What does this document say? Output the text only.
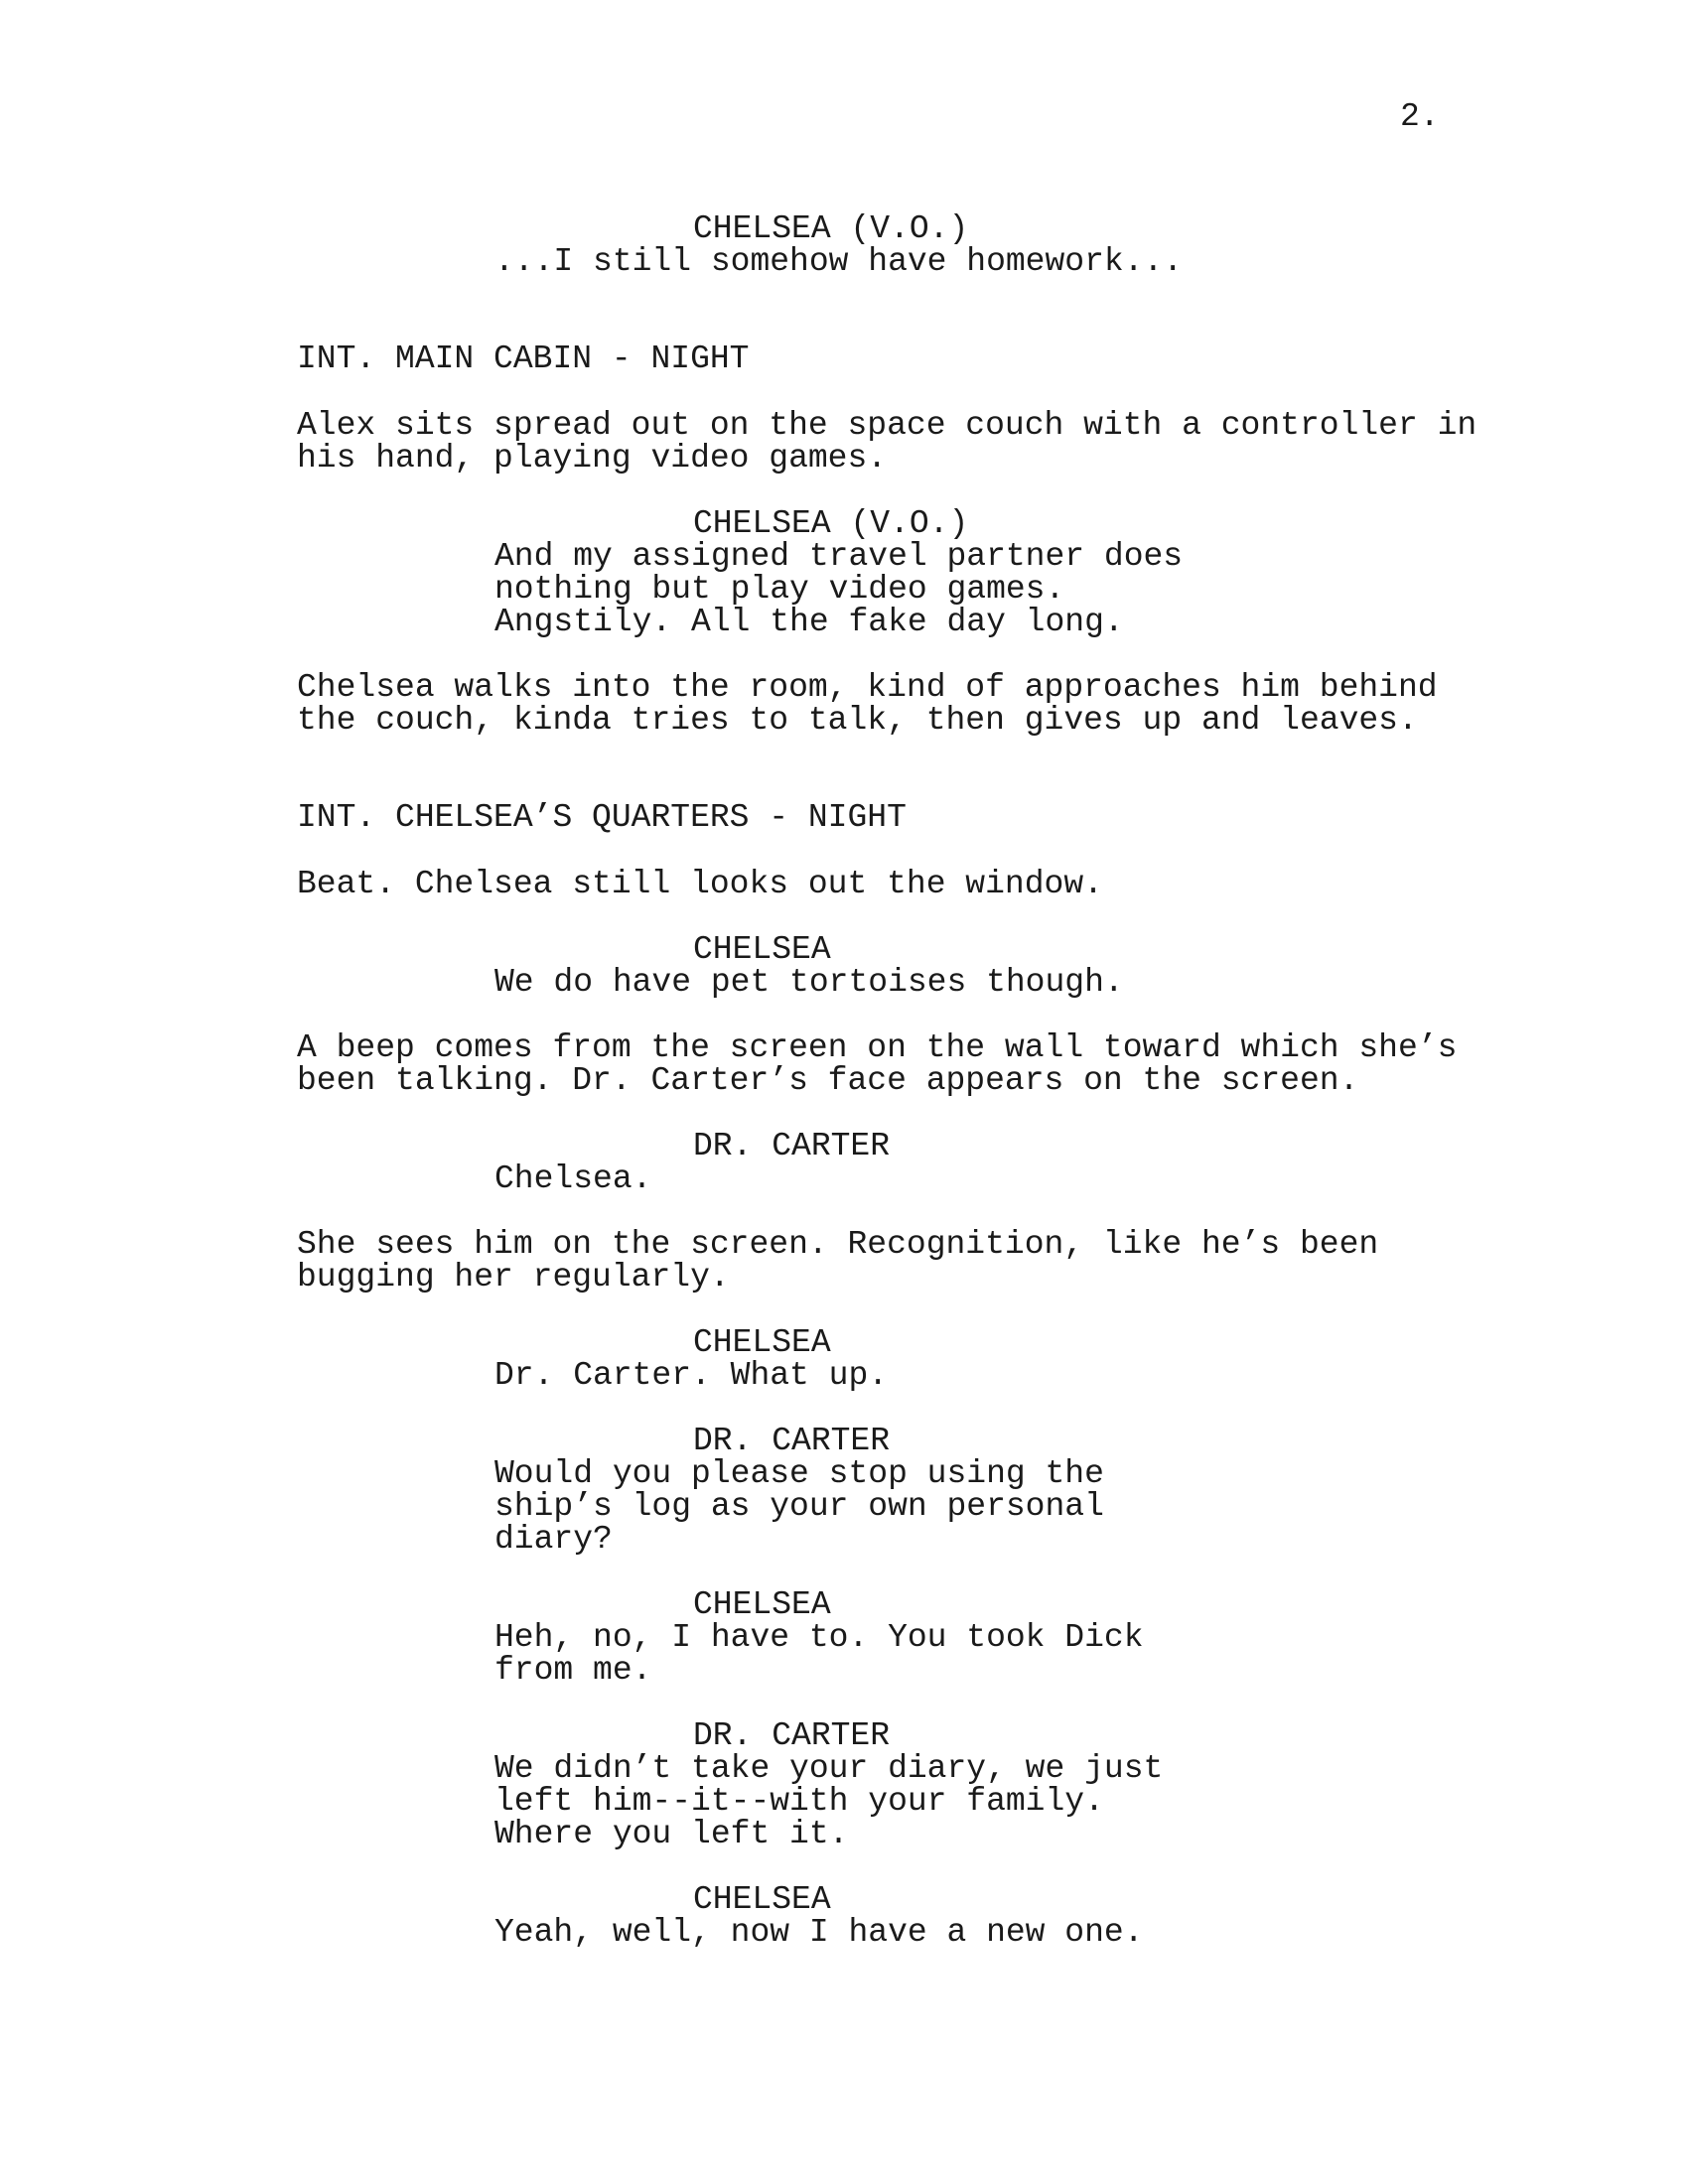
2.
CHELSEA (V.O.)
...I still somehow have homework...
INT. MAIN CABIN - NIGHT
Alex sits spread out on the space couch with a controller in
his hand, playing video games.
CHELSEA (V.O.)
And my assigned travel partner does
nothing but play video games.
Angstily. All the fake day long.
Chelsea walks into the room, kind of approaches him behind
the couch, kinda tries to talk, then gives up and leaves.
INT. CHELSEA’S QUARTERS - NIGHT
Beat. Chelsea still looks out the window.
CHELSEA
We do have pet tortoises though.
A beep comes from the screen on the wall toward which she’s
been talking. Dr. Carter’s face appears on the screen.
DR. CARTER
Chelsea.
She sees him on the screen. Recognition, like he’s been
bugging her regularly.
CHELSEA
Dr. Carter. What up.
DR. CARTER
Would you please stop using the
ship’s log as your own personal
diary?
CHELSEA
Heh, no, I have to. You took Dick
from me.
DR. CARTER
We didn’t take your diary, we just
left him--it--with your family.
Where you left it.
CHELSEA
Yeah, well, now I have a new one.
